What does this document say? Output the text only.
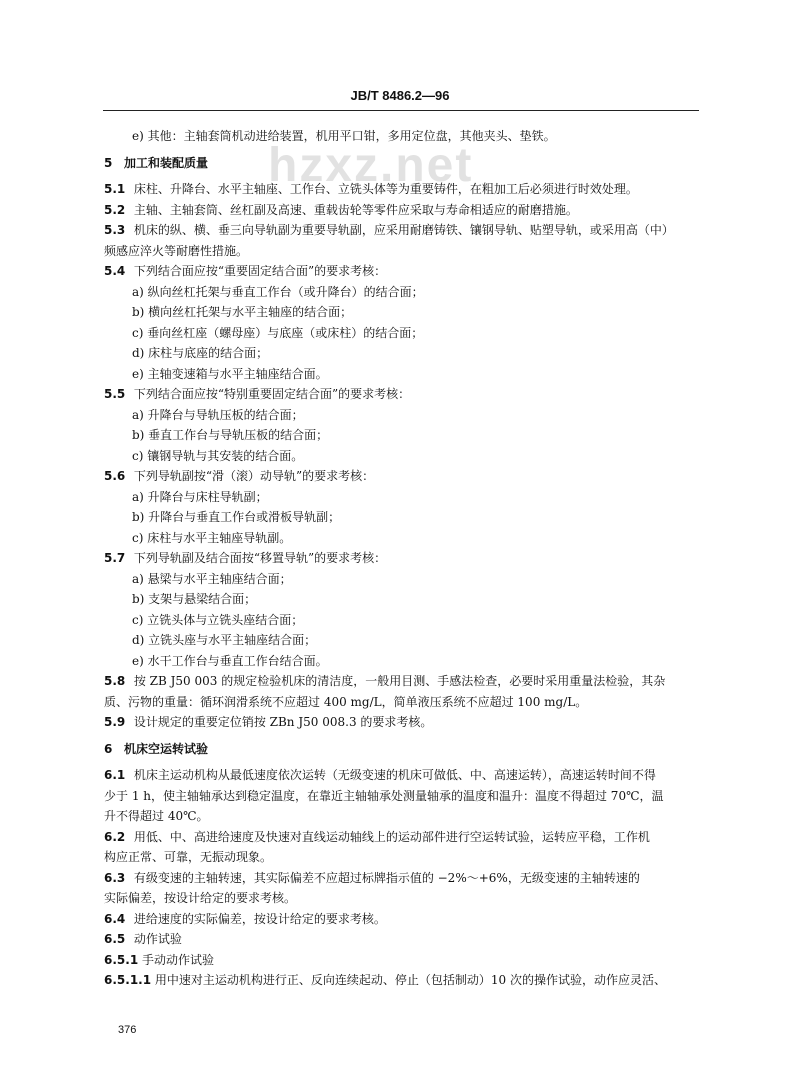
JB/T 8486.2—96
hzxz.net
e) 其他：主轴套筒机动进给装置，机用平口钳，多用定位盘，其他夹头、垫铁。
5 加工和装配质量
5.1 床柱、升降台、水平主轴座、工作台、立铣头体等为重要铸件，在粗加工后必须进行时效处理。
5.2 主轴、主轴套筒、丝杠副及高速、重载齿轮等零件应采取与寿命相适应的耐磨措施。
5.3 机床的纵、横、垂三向导轨副为重要导轨副，应采用耐磨铸铁、镶钢导轨、贴塑导轨，或采用高（中）
频感应淬火等耐磨性措施。
5.4 下列结合面应按“重要固定结合面”的要求考核：
a) 纵向丝杠托架与垂直工作台（或升降台）的结合面；
b) 横向丝杠托架与水平主轴座的结合面；
c) 垂向丝杠座（螺母座）与底座（或床柱）的结合面；
d) 床柱与底座的结合面；
e) 主轴变速箱与水平主轴座结合面。
5.5 下列结合面应按“特别重要固定结合面”的要求考核：
a) 升降台与导轨压板的结合面；
b) 垂直工作台与导轨压板的结合面；
c) 镶钢导轨与其安装的结合面。
5.6 下列导轨副按“滑（滚）动导轨”的要求考核：
a) 升降台与床柱导轨副；
b) 升降台与垂直工作台或滑板导轨副；
c) 床柱与水平主轴座导轨副。
5.7 下列导轨副及结合面按“移置导轨”的要求考核：
a) 悬梁与水平主轴座结合面；
b) 支架与悬梁结合面；
c) 立铣头体与立铣头座结合面；
d) 立铣头座与水平主轴座结合面；
e) 水干工作台与垂直工作台结合面。
5.8 按 ZB J50 003 的规定检验机床的清洁度，一般用目测、手感法检查，必要时采用重量法检验，其杂
质、污物的重量：循环润滑系统不应超过 400 mg/L，简单液压系统不应超过 100 mg/L。
5.9 设计规定的重要定位销按 ZBn J50 008.3 的要求考核。
6 机床空运转试验
6.1 机床主运动机构从最低速度依次运转（无级变速的机床可做低、中、高速运转），高速运转时间不得
少于 1 h，使主轴轴承达到稳定温度，在靠近主轴轴承处测量轴承的温度和温升：温度不得超过 70℃，温
升不得超过 40℃。
6.2 用低、中、高进给速度及快速对直线运动轴线上的运动部件进行空运转试验，运转应平稳，工作机
构应正常、可靠，无振动现象。
6.3 有级变速的主轴转速，其实际偏差不应超过标牌指示值的 −2%～+6%，无级变速的主轴转速的
实际偏差，按设计给定的要求考核。
6.4 进给速度的实际偏差，按设计给定的要求考核。
6.5 动作试验
6.5.1 手动动作试验
6.5.1.1 用中速对主运动机构进行正、反向连续起动、停止（包括制动）10 次的操作试验，动作应灵活、
376
